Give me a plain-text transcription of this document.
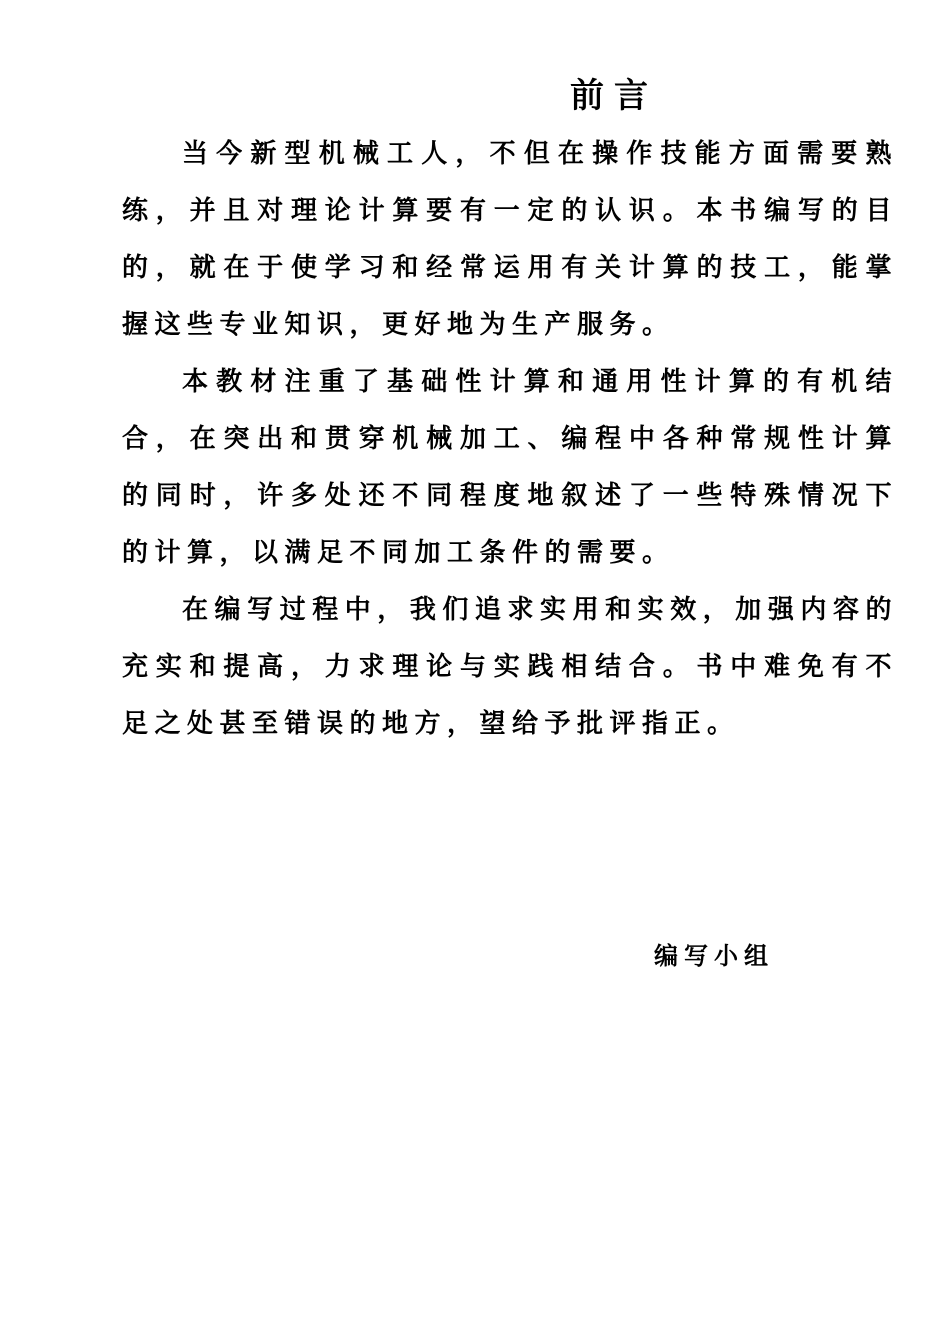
前言

当今新型机械工人，不但在操作技能方面需要熟练，并且对理论计算要有一定的认识。本书编写的目的，就在于使学习和经常运用有关计算的技工，能掌握这些专业知识，更好地为生产服务。

本教材注重了基础性计算和通用性计算的有机结合，在突出和贯穿机械加工、编程中各种常规性计算的同时，许多处还不同程度地叙述了一些特殊情况下的计算，以满足不同加工条件的需要。

在编写过程中，我们追求实用和实效，加强内容的充实和提高，力求理论与实践相结合。书中难免有不足之处甚至错误的地方，望给予批评指正。

编写小组
